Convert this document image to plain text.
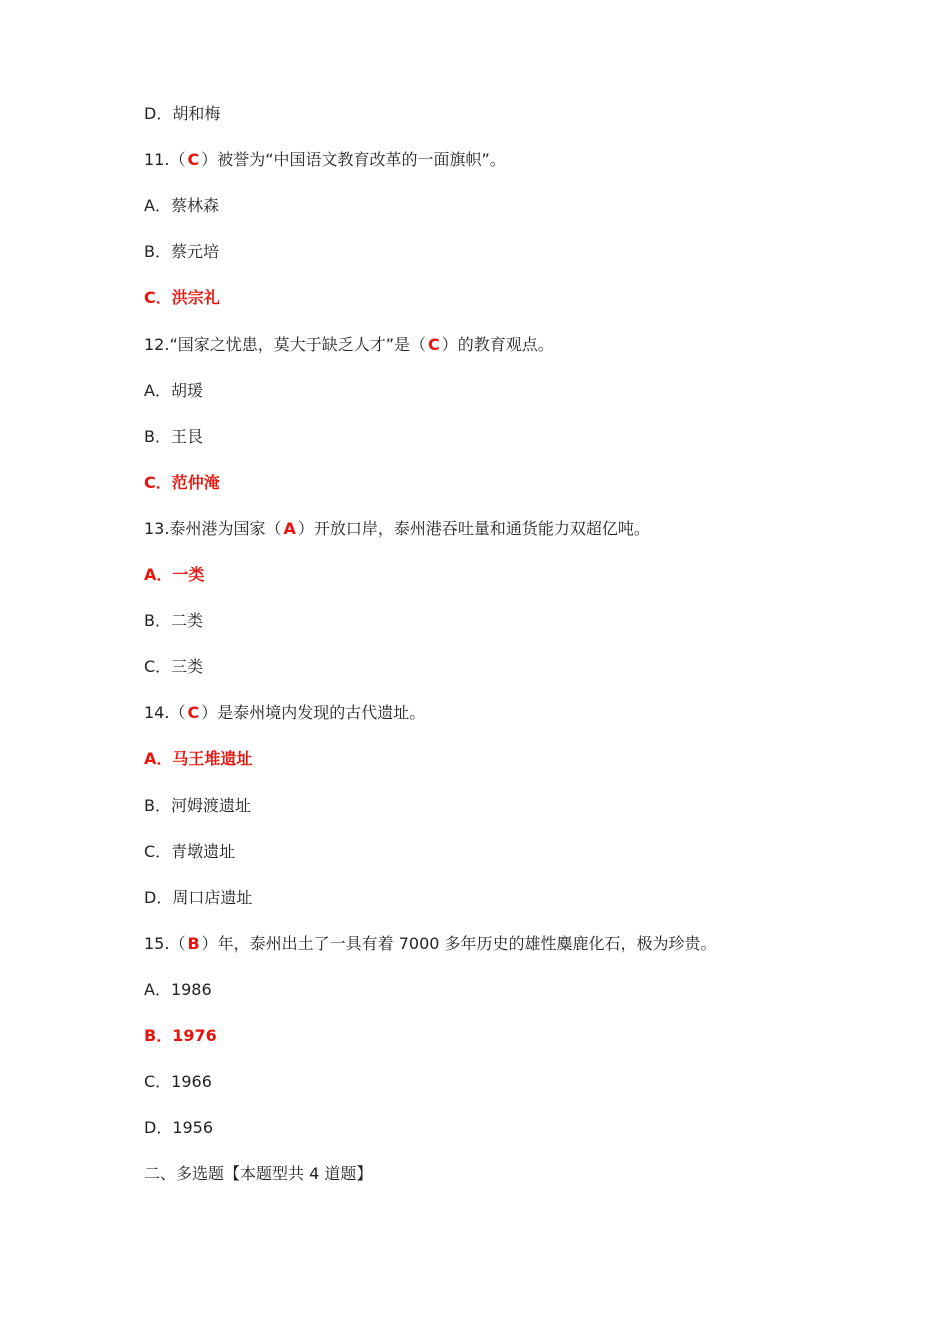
D．胡和梅
11.（ C ）被誉为“中国语文教育改革的一面旗帜”。
A．蔡林森
B．蔡元培
C．洪宗礼
12.“国家之忧患，莫大于缺乏人才”是（ C ）的教育观点。
A．胡瑗
B．王艮
C．范仲淹
13.泰州港为国家（ A ）开放口岸，泰州港吞吐量和通货能力双超亿吨。
A．一类
B．二类
C．三类
14.（ C ）是泰州境内发现的古代遗址。
A．马王堆遗址
B．河姆渡遗址
C．青墩遗址
D．周口店遗址
15.（ B ）年，泰州出土了一具有着 7000 多年历史的雄性麋鹿化石，极为珍贵。
A．1986
B．1976
C．1966
D．1956
二、多选题【本题型共 4 道题】
